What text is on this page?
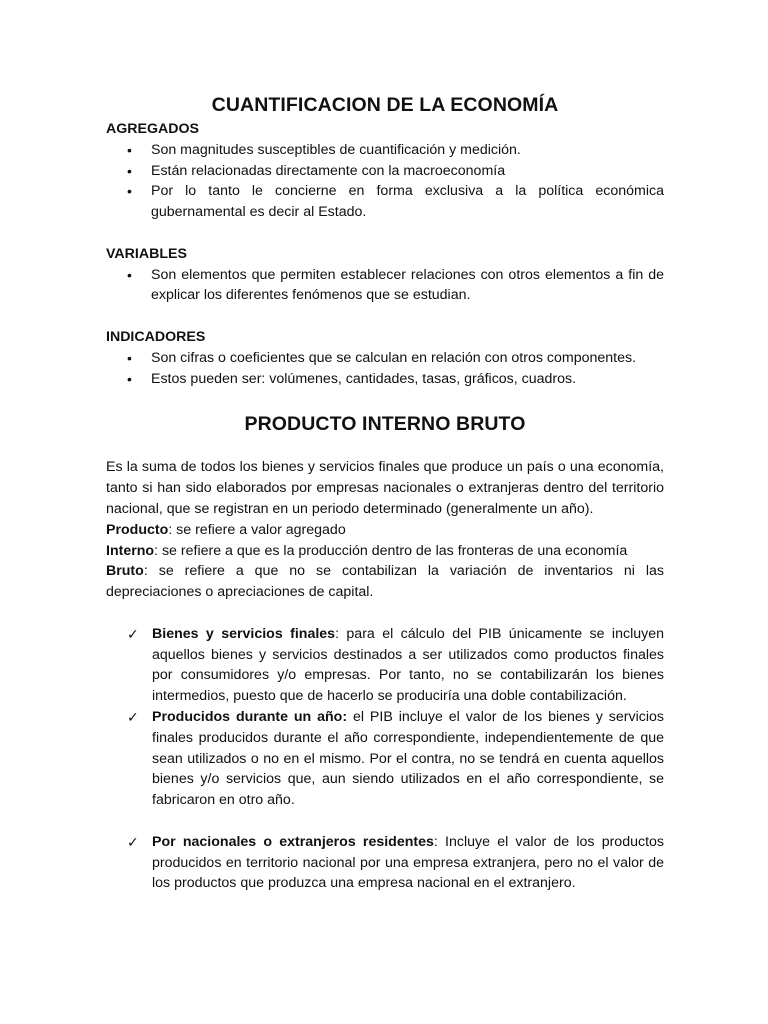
CUANTIFICACION DE LA ECONOMÍA
AGREGADOS
•	Son magnitudes susceptibles de cuantificación y medición.
•	Están relacionadas directamente con la macroeconomía
•	Por lo tanto le concierne en forma exclusiva a la política económica gubernamental es decir al Estado.
VARIABLES
•	Son elementos que permiten establecer relaciones con otros elementos a fin de explicar los diferentes fenómenos que se estudian.
INDICADORES
•	Son cifras o coeficientes que se calculan en relación con otros componentes.
•	Estos pueden ser: volúmenes, cantidades, tasas, gráficos, cuadros.
PRODUCTO INTERNO BRUTO

Es la suma de todos los bienes y servicios finales que produce un país o una economía, tanto si han sido elaborados por empresas nacionales o extranjeras dentro del territorio nacional, que se registran en un periodo determinado (generalmente un año).

Producto: se refiere a valor agregado

Interno: se refiere a que es la producción dentro de las fronteras de una economía

Bruto: se refiere a que no se contabilizan la variación de inventarios ni las depreciaciones o apreciaciones de capital.

✓ Bienes y servicios finales: para el cálculo del PIB únicamente se incluyen aquellos bienes y servicios destinados a ser utilizados como productos finales por consumidores y/o empresas. Por tanto, no se contabilizarán los bienes intermedios, puesto que de hacerlo se produciría una doble contabilización.
✓ Producidos durante un año: el PIB incluye el valor de los bienes y servicios finales producidos durante el año correspondiente, independientemente de que sean utilizados o no en el mismo. Por el contra, no se tendrá en cuenta aquellos bienes y/o servicios que, aun siendo utilizados en el año correspondiente, se fabricaron en otro año.
✓ Por nacionales o extranjeros residentes: Incluye el valor de los productos producidos en territorio nacional por una empresa extranjera, pero no el valor de los productos que produzca una empresa nacional en el extranjero.
